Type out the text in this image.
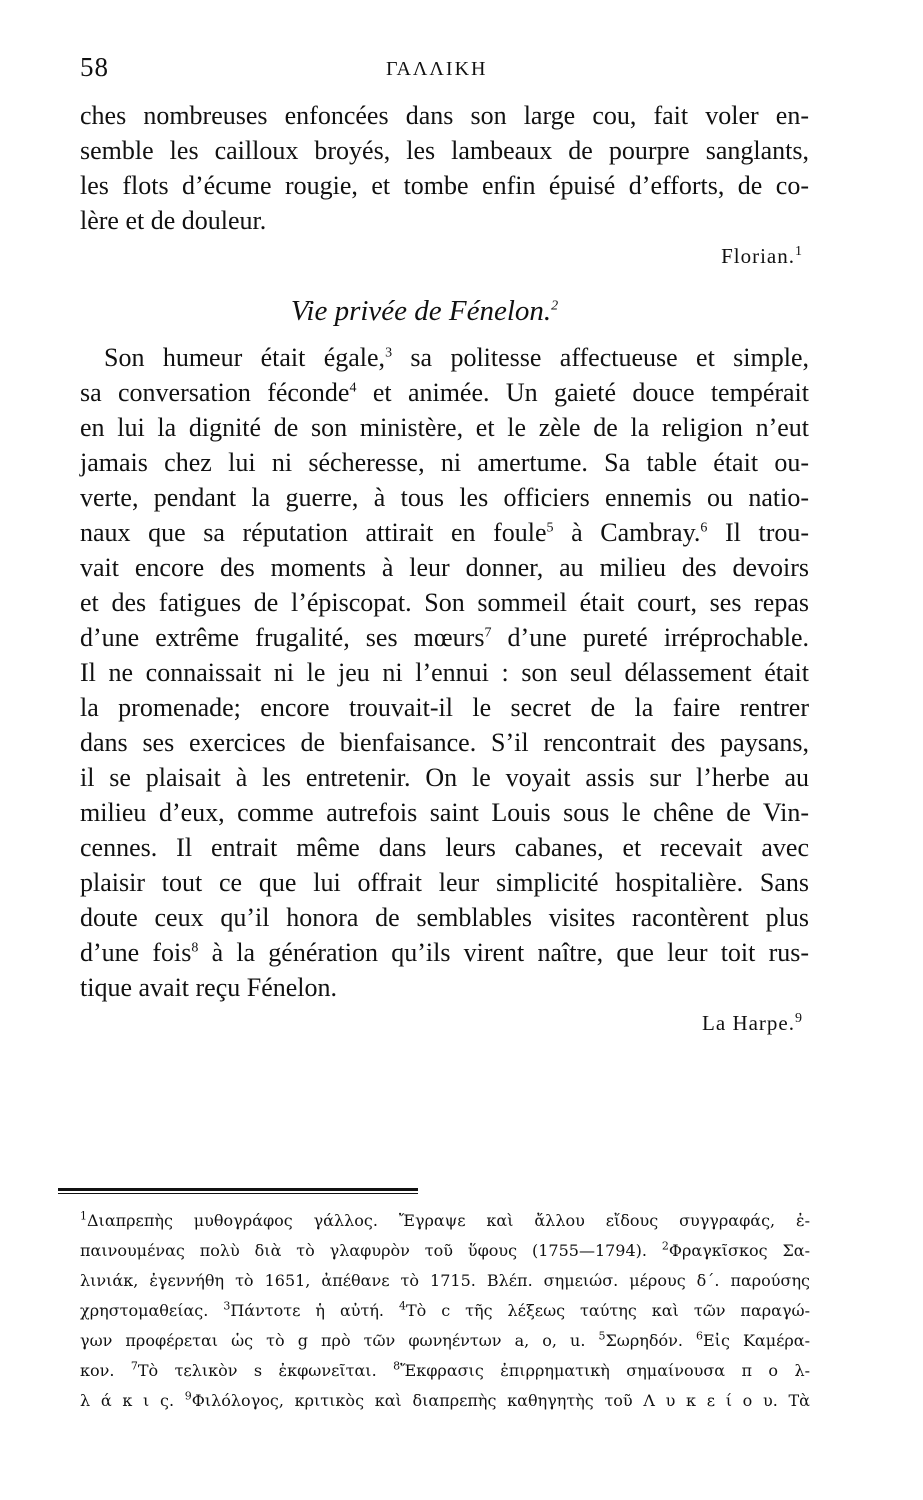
58	ΓΑΛΛΙΚΗ
ches nombreuses enfoncées dans son large cou, fait voler en-
semble les cailloux broyés, les lambeaux de pourpre sanglants,
les flots d’écume rougie, et tombe enfin épuisé d’efforts, de co-
lère et de douleur.
Florian.$^1$
Vie privée de Fénelon.$^2$
Son humeur était égale,$^3$ sa politesse affectueuse et simple,
sa conversation féconde$^4$ et animée. Un gaieté douce tempérait
en lui la dignité de son ministère, et le zèle de la religion n’eut
jamais chez lui ni sécheresse, ni amertume. Sa table était ou-
verte, pendant la guerre, à tous les officiers ennemis ou natio-
naux que sa réputation attirait en foule$^5$ à Cambray.$^6$ Il trou-
vait encore des moments à leur donner, au milieu des devoirs
et des fatigues de l’épiscopat. Son sommeil était court, ses repas
d’une extrême frugalité, ses mœurs$^7$ d’une pureté irréprochable.
Il ne connaissait ni le jeu ni l’ennui : son seul délassement était
la promenade; encore trouvait-il le secret de la faire rentrer
dans ses exercices de bienfaisance. S’il rencontrait des paysans,
il se plaisait à les entretenir. On le voyait assis sur l’herbe au
milieu d’eux, comme autrefois saint Louis sous le chêne de Vin-
cennes. Il entrait même dans leurs cabanes, et recevait avec
plaisir tout ce que lui offrait leur simplicité hospitalière. Sans
doute ceux qu’il honora de semblables visites racontèrent plus
d’une fois$^8$ à la génération qu’ils virent naître, que leur toit rus-
tique avait reçu Fénelon.
La Harpe.$^9$
$^1$Διαπρεπὴς μυθογράφος γάλλος. Ἔγραψε καὶ ἄλλου εἴδους συγγραφάς, ἐ-
παινουμένας πολὺ διὰ τὸ γλαφυρὸν τοῦ ὕφους (1755—1794). $^2$Φραγκῖσκος Σα-
λινιάκ, ἐγεννήθη τὸ 1651, ἀπέθανε τὸ 1715. Βλέπ. σημειώσ. μέρους δ΄. παρούσης
χρηστομαθείας. $^3$Πάντοτε ἡ αὐτή. $^4$Τὸ c τῆς λέξεως ταύτης καὶ τῶν παραγώ-
γων προφέρεται ὡς τὸ g πρὸ τῶν φωνηέντων a, o, u. $^5$Σωρηδόν. $^6$Εἰς Καμέρα-
κον. $^7$Τὸ τελικὸν s ἐκφωνεῖται. $^8$Ἔκφρασις ἐπιρρηματικὴ σημαίνουσα π ο λ-
λ ά κ ι ς. $^9$Φιλόλογος, κριτικὸς καὶ διαπρεπὴς καθηγητὴς τοῦ Λ υ κ ε ί ο υ. Τὰ
